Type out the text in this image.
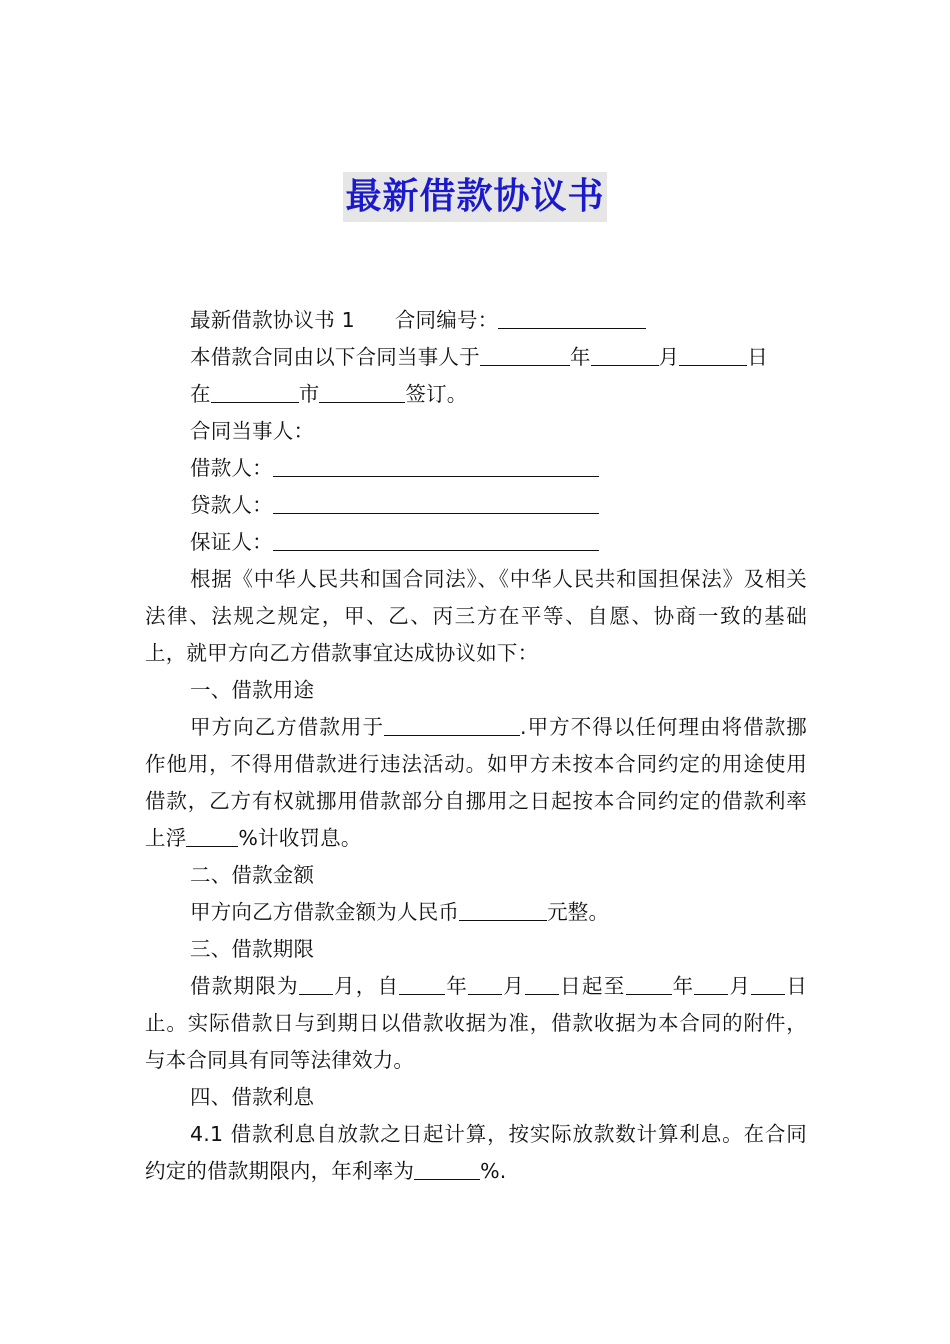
最新借款协议书

最新借款协议书 1 合同编号：

本借款合同由以下合同当事人于	年	月	日

在	市	签订。

合同当事人：

借款人：

贷款人：

保证人：

根据《中华人民共和国合同法》、《中华人民共和国担保法》及相关法律、法规之规定，甲、乙、丙三方在平等、自愿、协商一致的基础上，就甲方向乙方借款事宜达成协议如下：

一、借款用途

甲方向乙方借款用于	.甲方不得以任何理由将借款挪作他用，不得用借款进行违法活动。如甲方未按本合同约定的用途使用借款，乙方有权就挪用借款部分自挪用之日起按本合同约定的借款利率上浮	%计收罚息。

二、借款金额

甲方向乙方借款金额为人民币	元整。

三、借款期限

借款期限为 月，自 年 月 日起至 年 月 日止。实际借款日与到期日以借款收据为准，借款收据为本合同的附件，与本合同具有同等法律效力。

四、借款利息

4.1 借款利息自放款之日起计算，按实际放款数计算利息。在合同约定的借款期限内，年利率为	%.
